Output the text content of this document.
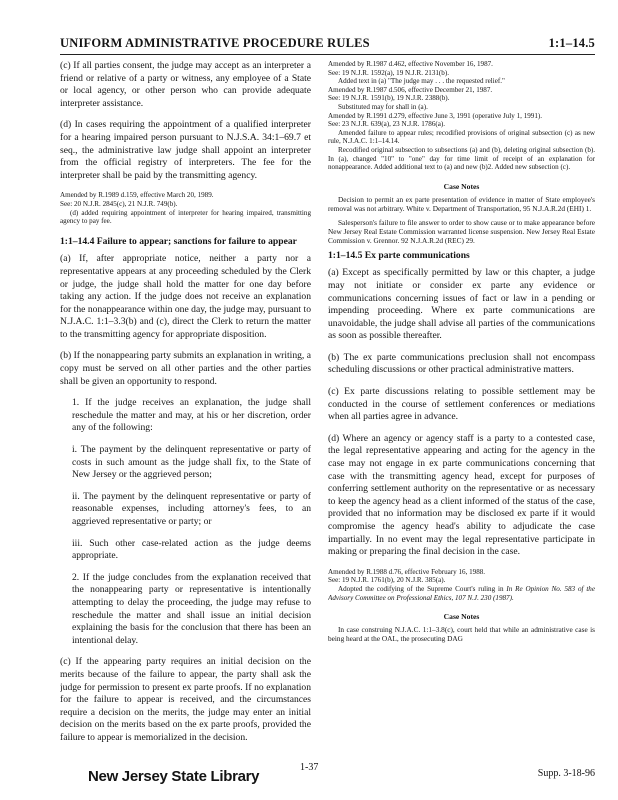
UNIFORM ADMINISTRATIVE PROCEDURE RULES	1:1–14.5

(c) If all parties consent, the judge may accept as an interpreter a friend or relative of a party or witness, any employee of a State or local agency, or other person who can provide adequate interpreter assistance.

(d) In cases requiring the appointment of a qualified interpreter for a hearing impaired person pursuant to N.J.S.A. 34:1–69.7 et seq., the administrative law judge shall appoint an interpreter from the official registry of interpreters. The fee for the interpreter shall be paid by the transmitting agency.

Amended by R.1989 d.159, effective March 20, 1989.

See: 20 N.J.R. 2845(c), 21 N.J.R. 749(b).

(d) added requiring appointment of interpreter for hearing impaired, transmitting agency to pay fee.

1:1–14.4 Failure to appear; sanctions for failure to appear

(a) If, after appropriate notice, neither a party nor a representative appears at any proceeding scheduled by the Clerk or judge, the judge shall hold the matter for one day before taking any action. If the judge does not receive an explanation for the nonappearance within one day, the judge may, pursuant to N.J.A.C. 1:1–3.3(b) and (c), direct the Clerk to return the matter to the transmitting agency for appropriate disposition.

(b) If the nonappearing party submits an explanation in writing, a copy must be served on all other parties and the other parties shall be given an opportunity to respond.

1. If the judge receives an explanation, the judge shall reschedule the matter and may, at his or her discretion, order any of the following:

i. The payment by the delinquent representative or party of costs in such amount as the judge shall fix, to the State of New Jersey or the aggrieved person;

ii. The payment by the delinquent representative or party of reasonable expenses, including attorney's fees, to an aggrieved representative or party; or

iii. Such other case-related action as the judge deems appropriate.

2. If the judge concludes from the explanation received that the nonappearing party or representative is intentionally attempting to delay the proceeding, the judge may refuse to reschedule the matter and shall issue an initial decision explaining the basis for the conclusion that there has been an intentional delay.

(c) If the appearing party requires an initial decision on the merits because of the failure to appear, the party shall ask the judge for permission to present ex parte proofs. If no explanation for the failure to appear is received, and the circumstances require a decision on the merits, the judge may enter an initial decision on the merits based on the ex parte proofs, provided the failure to appear is memorialized in the decision.

Amended by R.1987 d.462, effective November 16, 1987.

See: 19 N.J.R. 1592(a), 19 N.J.R. 2131(b).

Added text in (a) "The judge may . . . the requested relief."

Amended by R.1987 d.506, effective December 21, 1987.

See: 19 N.J.R. 1591(b), 19 N.J.R. 2388(b).

Substituted may for shall in (a).

Amended by R.1991 d.279, effective June 3, 1991 (operative July 1, 1991).

See: 23 N.J.R. 639(a), 23 N.J.R. 1786(a).

Amended failure to appear rules; recodified provisions of original subsection (c) as new rule, N.J.A.C. 1:1–14.14.

Recodified original subsection to subsections (a) and (b), deleting original subsection (b). In (a), changed "10" to "one" day for time limit of receipt of an explanation for nonappearance. Added additional text to (a) and new (b)2. Added new subsection (c).

Case Notes

Decision to permit an ex parte presentation of evidence in matter of State employee's removal was not arbitrary. White v. Department of Transportation, 95 N.J.A.R.2d (EHI) 1.

Salesperson's failure to file answer to order to show cause or to make appearance before New Jersey Real Estate Commission warranted license suspension. New Jersey Real Estate Commission v. Grennor. 92 N.J.A.R.2d (REC) 29.

1:1–14.5 Ex parte communications

(a) Except as specifically permitted by law or this chapter, a judge may not initiate or consider ex parte any evidence or communications concerning issues of fact or law in a pending or impending proceeding. Where ex parte communications are unavoidable, the judge shall advise all parties of the communications as soon as possible thereafter.

(b) The ex parte communications preclusion shall not encompass scheduling discussions or other practical administrative matters.

(c) Ex parte discussions relating to possible settlement may be conducted in the course of settlement conferences or mediations when all parties agree in advance.

(d) Where an agency or agency staff is a party to a contested case, the legal representative appearing and acting for the agency in the case may not engage in ex parte communications concerning that case with the transmitting agency head, except for purposes of conferring settlement authority on the representative or as necessary to keep the agency head as a client informed of the status of the case, provided that no information may be disclosed ex parte if it would compromise the agency head's ability to adjudicate the case impartially. In no event may the legal representative participate in making or preparing the final decision in the case.

Amended by R.1988 d.76, effective February 16, 1988.

See: 19 N.J.R. 1761(b), 20 N.J.R. 385(a).

Adopted the codifying of the Supreme Court's ruling in In Re Opinion No. 583 of the Advisory Committee on Professional Ethics, 107 N.J. 230 (1987).

Case Notes

In case construing N.J.A.C. 1:1–3.8(c), court held that while an administrative case is being heard at the OAL, the prosecuting DAG

New Jersey State Library
1-37
Supp. 3-18-96
